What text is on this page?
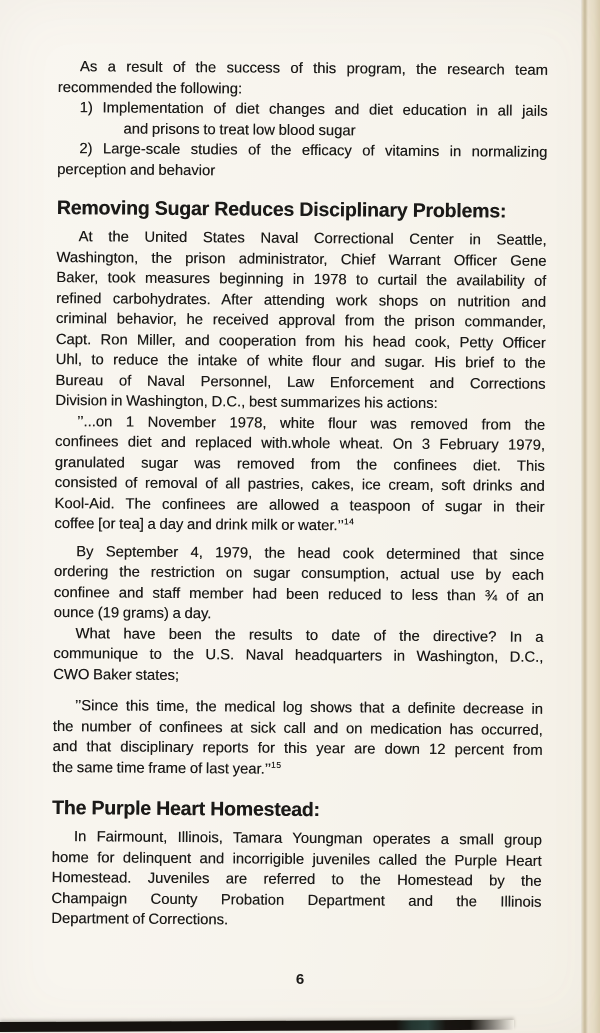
As a result of the success of this program, the research team
recommended the following:
1) Implementation of diet changes and diet education in all jails
and prisons to treat low blood sugar
2) Large-scale studies of the efficacy of vitamins in normalizing
perception and behavior
Removing Sugar Reduces Disciplinary Problems:
At the United States Naval Correctional Center in Seattle,
Washington, the prison administrator, Chief Warrant Officer Gene
Baker, took measures beginning in 1978 to curtail the availability of
refined carbohydrates. After attending work shops on nutrition and
criminal behavior, he received approval from the prison commander,
Capt. Ron Miller, and cooperation from his head cook, Petty Officer
Uhl, to reduce the intake of white flour and sugar. His brief to the
Bureau of Naval Personnel, Law Enforcement and Corrections
Division in Washington, D.C., best summarizes his actions:
’’...on 1 November 1978, white flour was removed from the
confinees diet and replaced with.whole wheat. On 3 February 1979,
granulated sugar was removed from the confinees diet. This
consisted of removal of all pastries, cakes, ice cream, soft drinks and
Kool-Aid. The confinees are allowed a teaspoon of sugar in their
coffee [or tea] a day and drink milk or water.’’$^{14}$
By September 4, 1979, the head cook determined that since
ordering the restriction on sugar consumption, actual use by each
confinee and staff member had been reduced to less than ¾ of an
ounce (19 grams) a day.
What have been the results to date of the directive? In a
communique to the U.S. Naval headquarters in Washington, D.C.,
CWO Baker states;
’’Since this time, the medical log shows that a definite decrease in
the number of confinees at sick call and on medication has occurred,
and that disciplinary reports for this year are down 12 percent from
the same time frame of last year.’’$^{15}$
The Purple Heart Homestead:
In Fairmount, Illinois, Tamara Youngman operates a small group
home for delinquent and incorrigible juveniles called the Purple Heart
Homestead. Juveniles are referred to the Homestead by the
Champaign County Probation Department and the Illinois
Department of Corrections.
6
